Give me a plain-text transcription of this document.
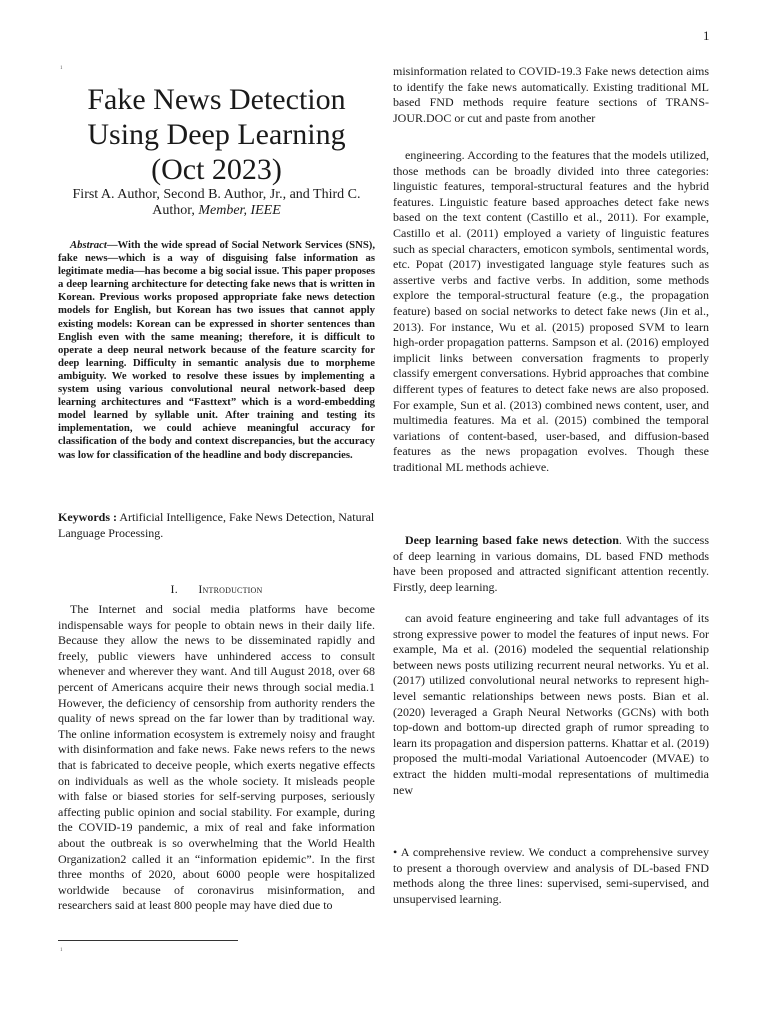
1
1
Fake News Detection Using Deep Learning (Oct 2023)
First A. Author, Second B. Author, Jr., and Third C. Author, Member, IEEE

Abstract—With the wide spread of Social Network Services (SNS), fake news—which is a way of disguising false information as legitimate media—has become a big social issue. This paper proposes a deep learning architecture for detecting fake news that is written in Korean. Previous works proposed appropriate fake news detection models for English, but Korean has two issues that cannot apply existing models: Korean can be expressed in shorter sentences than English even with the same meaning; therefore, it is difficult to operate a deep neural network because of the feature scarcity for deep learning. Difficulty in semantic analysis due to morpheme ambiguity. We worked to resolve these issues by implementing a system using various convolutional neural network-based deep learning architectures and “Fasttext” which is a word-embedding model learned by syllable unit. After training and testing its implementation, we could achieve meaningful accuracy for classification of the body and context discrepancies, but the accuracy was low for classification of the headline and body discrepancies.

Keywords : Artificial Intelligence, Fake News Detection, Natural Language Processing.
I. Introduction

The Internet and social media platforms have become indispensable ways for people to obtain news in their daily life. Because they allow the news to be disseminated rapidly and freely, public viewers have unhindered access to consult whenever and wherever they want. And till August 2018, over 68 percent of Americans acquire their news through social media.1 However, the deficiency of censorship from authority renders the quality of news spread on the far lower than by traditional way. The online information ecosystem is extremely noisy and fraught with disinformation and fake news. Fake news refers to the news that is fabricated to deceive people, which exerts negative effects on individuals as well as the whole society. It misleads people with false or biased stories for self-serving purposes, seriously affecting public opinion and social stability. For example, during the COVID-19 pandemic, a mix of real and fake information about the outbreak is so overwhelming that the World Health Organization2 called it an “information epidemic”. In the first three months of 2020, about 6000 people were hospitalized worldwide because of coronavirus misinformation, and researchers said at least 800 people may have died due to

1

misinformation related to COVID-19.3 Fake news detection aims to identify the fake news automatically. Existing traditional ML based FND methods require feature sections of TRANS-JOUR.DOC or cut and paste from another

engineering. According to the features that the models utilized, those methods can be broadly divided into three categories: linguistic features, temporal-structural features and the hybrid features. Linguistic feature based approaches detect fake news based on the text content (Castillo et al., 2011). For example, Castillo et al. (2011) employed a variety of linguistic features such as special characters, emoticon symbols, sentimental words, etc. Popat (2017) investigated language style features such as assertive verbs and factive verbs. In addition, some methods explore the temporal-structural feature (e.g., the propagation feature) based on social networks to detect fake news (Jin et al., 2013). For instance, Wu et al. (2015) proposed SVM to learn high-order propagation patterns. Sampson et al. (2016) employed implicit links between conversation fragments to properly classify emergent conversations. Hybrid approaches that combine different types of features to detect fake news are also proposed. For example, Sun et al. (2013) combined news content, user, and multimedia features. Ma et al. (2015) combined the temporal variations of content-based, user-based, and diffusion-based features as the news propagation evolves. Though these traditional ML methods achieve.

Deep learning based fake news detection. With the success of deep learning in various domains, DL based FND methods have been proposed and attracted significant attention recently. Firstly, deep learning.

can avoid feature engineering and take full advantages of its strong expressive power to model the features of input news. For example, Ma et al. (2016) modeled the sequential relationship between news posts utilizing recurrent neural networks. Yu et al. (2017) utilized convolutional neural networks to represent high-level semantic relationships between news posts. Bian et al. (2020) leveraged a Graph Neural Networks (GCNs) with both top-down and bottom-up directed graph of rumor spreading to learn its propagation and dispersion patterns. Khattar et al. (2019) proposed the multi-modal Variational Autoencoder (MVAE) to extract the hidden multi-modal representations of multimedia new

• A comprehensive review. We conduct a comprehensive survey to present a thorough overview and analysis of DL-based FND methods along the three lines: supervised, semi-supervised, and unsupervised learning.
